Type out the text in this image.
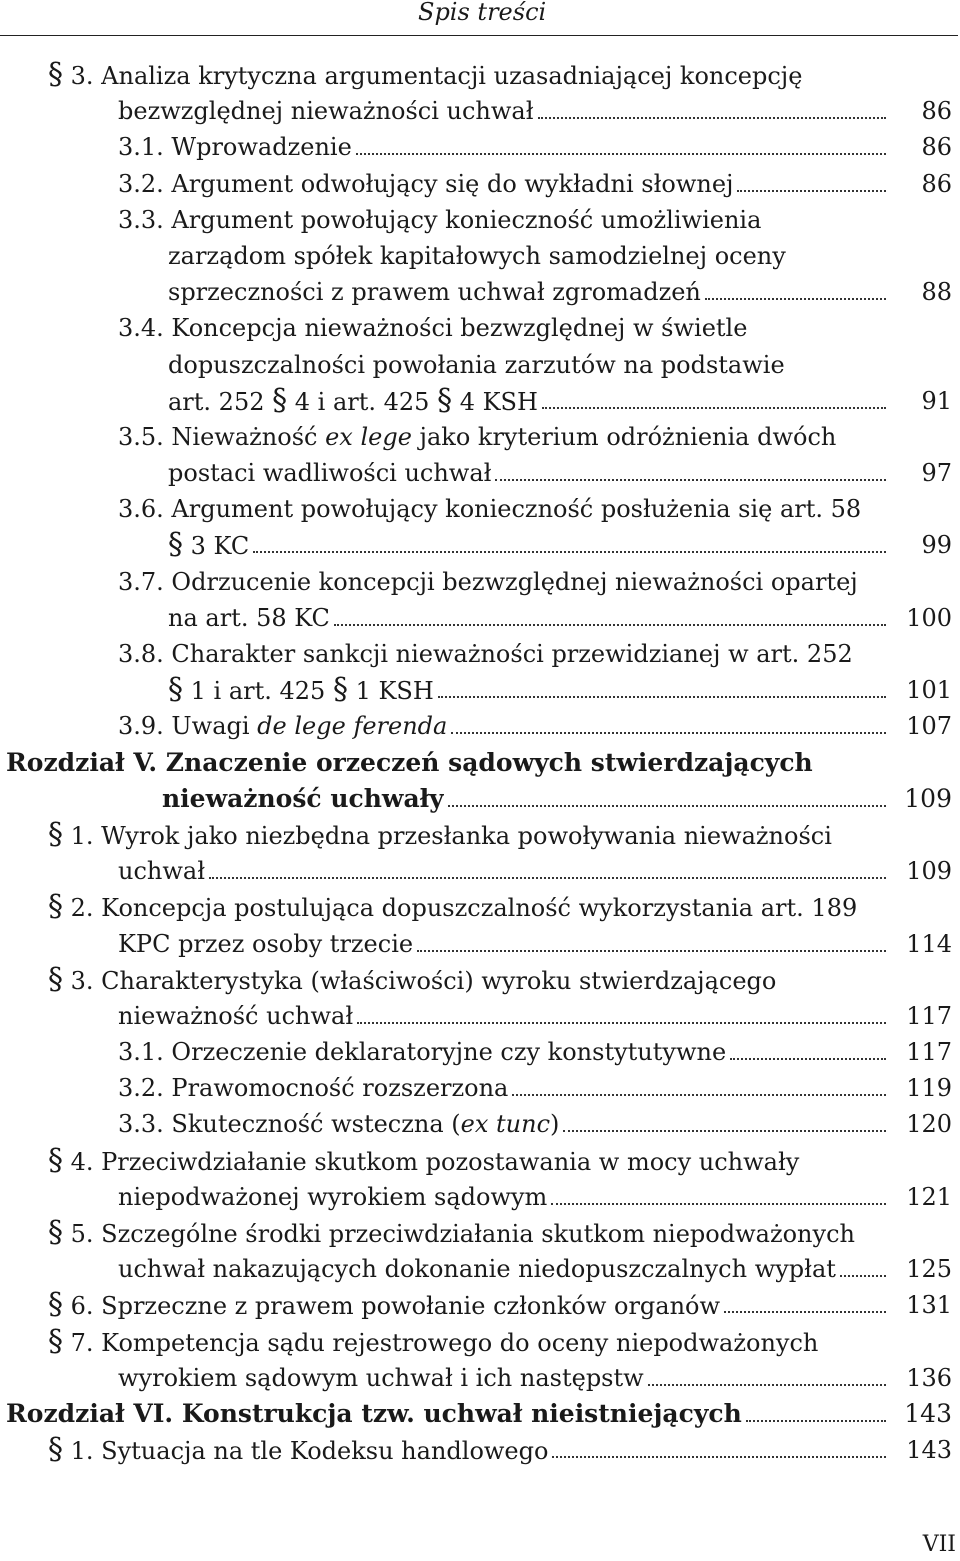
Spis treści
§ 3. Analiza krytyczna argumentacji uzasadniającej koncepcję
bezwzględnej nieważności uchwał	86
3.1. Wprowadzenie	86
3.2. Argument odwołujący się do wykładni słownej	86
3.3. Argument powołujący konieczność umożliwienia
zarządom spółek kapitałowych samodzielnej oceny
sprzeczności z prawem uchwał zgromadzeń	88
3.4. Koncepcja nieważności bezwzględnej w świetle
dopuszczalności powołania zarzutów na podstawie
art. 252 § 4 i art. 425 § 4 KSH	91
3.5. Nieważność ex lege jako kryterium odróżnienia dwóch
postaci wadliwości uchwał	97
3.6. Argument powołujący konieczność posłużenia się art. 58
§ 3 KC	99
3.7. Odrzucenie koncepcji bezwzględnej nieważności opartej
na art. 58 KC	100
3.8. Charakter sankcji nieważności przewidzianej w art. 252
§ 1 i art. 425 § 1 KSH	101
3.9. Uwagi de lege ferenda	107
Rozdział V. Znaczenie orzeczeń sądowych stwierdzających
nieważność uchwały	109
§ 1. Wyrok jako niezbędna przesłanka powoływania nieważności
uchwał	109
§ 2. Koncepcja postulująca dopuszczalność wykorzystania art. 189
KPC przez osoby trzecie	114
§ 3. Charakterystyka (właściwości) wyroku stwierdzającego
nieważność uchwał	117
3.1. Orzeczenie deklaratoryjne czy konstytutywne	117
3.2. Prawomocność rozszerzona	119
3.3. Skuteczność wsteczna (ex tunc)	120
§ 4. Przeciwdziałanie skutkom pozostawania w mocy uchwały
niepodważonej wyrokiem sądowym	121
§ 5. Szczególne środki przeciwdziałania skutkom niepodważonych
uchwał nakazujących dokonanie niedopuszczalnych wypłat	125
§ 6. Sprzeczne z prawem powołanie członków organów	131
§ 7. Kompetencja sądu rejestrowego do oceny niepodważonych
wyrokiem sądowym uchwał i ich następstw	136
Rozdział VI. Konstrukcja tzw. uchwał nieistniejących	143
§ 1. Sytuacja na tle Kodeksu handlowego	143
VII
